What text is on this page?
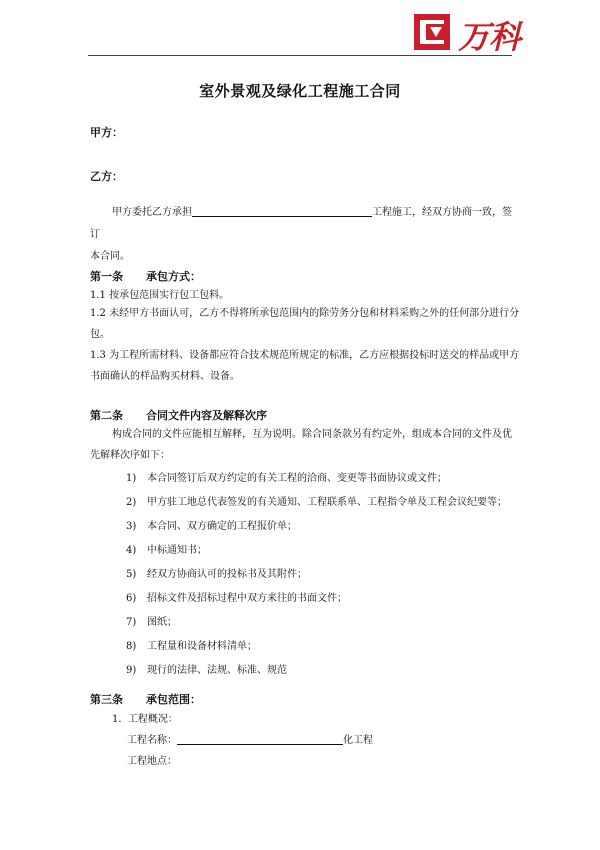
万科
室外景观及绿化工程施工合同
甲方：
乙方：
甲方委托乙方承担	工程施工，经双方协商一致，签订
本合同。
第一条 承包方式：
1.1 按承包范围实行包工包料。
1.2 未经甲方书面认可，乙方不得将所承包范围内的除劳务分包和材料采购之外的任何部分进行分包。
1.3 为工程所需材料、设备都应符合技术规范所规定的标准，乙方应根据投标时送交的样品或甲方书面确认的样品购买材料、设备。
第二条 合同文件内容及解释次序
构成合同的文件应能相互解释，互为说明。除合同条款另有约定外，组成本合同的文件及优先解释次序如下：
1) 本合同签订后双方约定的有关工程的洽商、变更等书面协议或文件；
2) 甲方驻工地总代表签发的有关通知、工程联系单、工程指令单及工程会议纪要等；
3) 本合同、双方确定的工程报价单；
4) 中标通知书；
5) 经双方协商认可的投标书及其附件；
6) 招标文件及招标过程中双方来往的书面文件；
7) 图纸；
8) 工程量和设备材料清单；
9) 现行的法律、法规、标准、规范
第三条 承包范围：
1. 工程概况：
工程名称：	化工程
工程地点：
